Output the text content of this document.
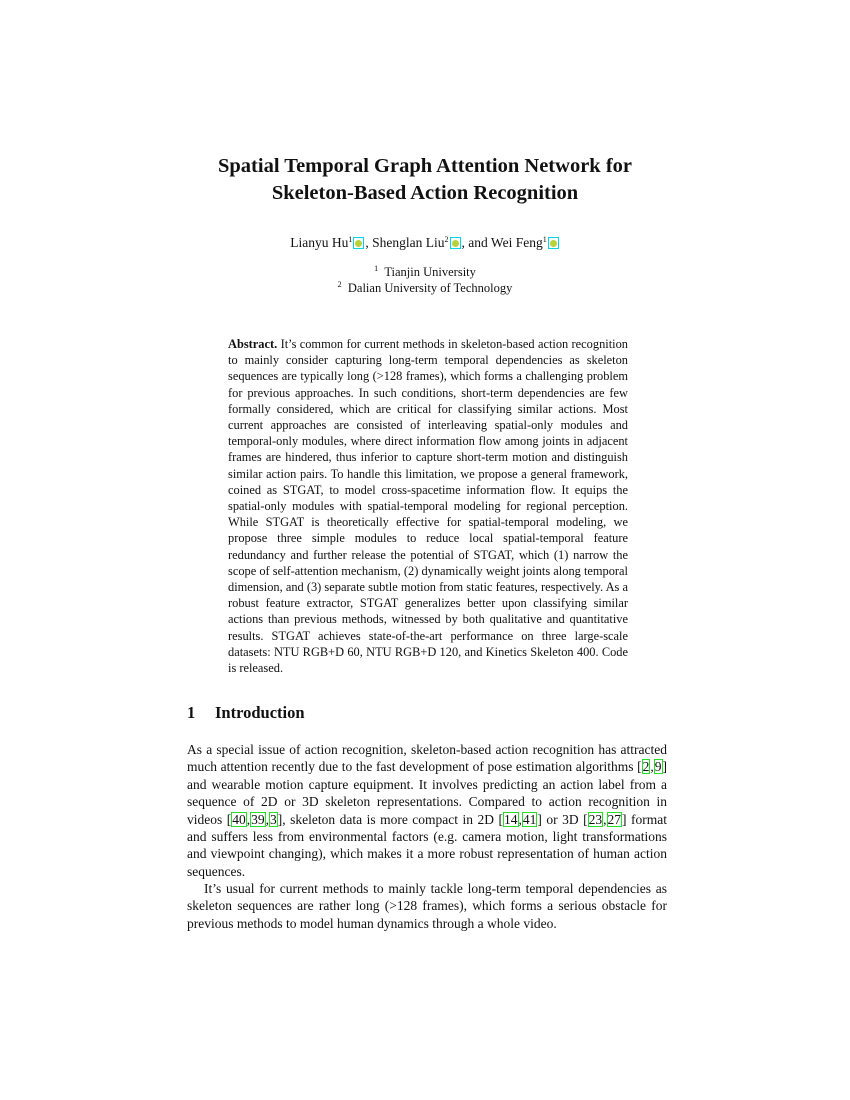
Spatial Temporal Graph Attention Network for
Skeleton-Based Action Recognition
Lianyu Hu$^1$ , Shenglan Liu$^2$ , and Wei Feng$^1$
$^1$ Tianjin University
$^2$ Dalian University of Technology
Abstract. It’s common for current methods in skeleton-based action recognition to mainly consider capturing long-term temporal dependencies as skeleton sequences are typically long (>128 frames), which forms a challenging problem for previous approaches. In such conditions, short-term dependencies are few formally considered, which are critical for classifying similar actions. Most current approaches are consisted of interleaving spatial-only modules and temporal-only modules, where direct information flow among joints in adjacent frames are hindered, thus inferior to capture short-term motion and distinguish similar action pairs. To handle this limitation, we propose a general framework, coined as STGAT, to model cross-spacetime information flow. It equips the spatial-only modules with spatial-temporal modeling for regional perception. While STGAT is theoretically effective for spatial-temporal modeling, we propose three simple modules to reduce local spatial-temporal feature redundancy and further release the potential of STGAT, which (1) narrow the scope of self-attention mechanism, (2) dynamically weight joints along temporal dimension, and (3) separate subtle motion from static features, respectively. As a robust feature extractor, STGAT generalizes better upon classifying similar actions than previous methods, witnessed by both qualitative and quantitative results. STGAT achieves state-of-the-art performance on three large-scale datasets: NTU RGB+D 60, NTU RGB+D 120, and Kinetics Skeleton 400. Code is released.
1 Introduction
As a special issue of action recognition, skeleton-based action recognition has attracted much attention recently due to the fast development of pose estimation algorithms [2,9] and wearable motion capture equipment. It involves predicting an action label from a sequence of 2D or 3D skeleton representations. Compared to action recognition in videos [40,39,3], skeleton data is more compact in 2D [14,41] or 3D [23,27] format and suffers less from environmental factors (e.g. camera motion, light transformations and viewpoint changing), which makes it a more robust representation of human action sequences.
It’s usual for current methods to mainly tackle long-term temporal dependencies as skeleton sequences are rather long (>128 frames), which forms a serious obstacle for previous methods to model human dynamics through a whole video.
